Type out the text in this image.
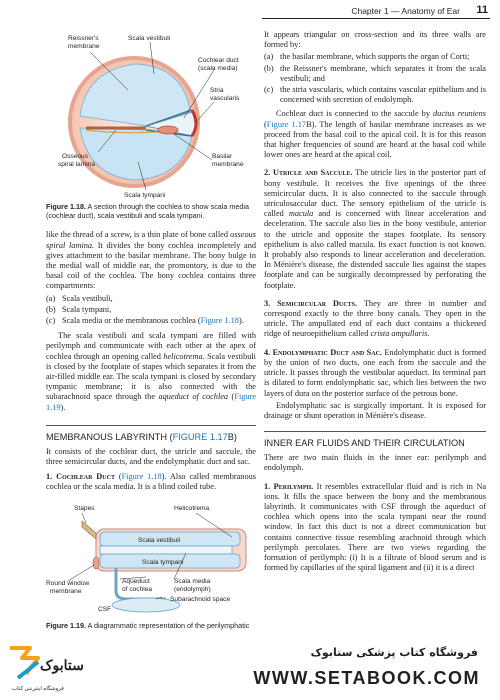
Chapter 1 — Anatomy of Ear 11
Reissner's
membrane
Scala vestibuli
Cochlear duct
(scala media)
Stria
vascularis
Osseous
spiral lamina
Basilar
membrane
Scala tympani
Figure 1.18. A section through the cochlea to show scala media (cochlear duct), scala vestibuli and scala tympani.

like the thread of a screw, is a thin plate of bone called osseous spiral lamina. It divides the bony cochlea incompletely and gives attachment to the basilar membrane. The bony bulge in the medial wall of middle ear, the promontory, is due to the basal coil of the cochlea. The bony cochlea contains three compartments:

(a) Scala vestibuli,
(b) Scala tympani,
(c) Scala media or the membranous cochlea (Figure 1.18).

The scala vestibuli and scala tympani are filled with perilymph and communicate with each other at the apex of cochlea through an opening called helicotrema. Scala vestibuli is closed by the footplate of stapes which separates it from the air-filled middle ear. The scala tympani is closed by secondary tympanic membrane; it is also connected with the subarachnoid space through the aqueduct of cochlea (Figure 1.19).

MEMBRANOUS LABYRINTH (FIGURE 1.17B)

It consists of the cochlear duct, the utricle and saccule, the three semicircular ducts, and the endolymphatic duct and sac.

1. Cochlear Duct (Figure 1.18). Also called membranous cochlea or the scala media. It is a blind coiled tube.

Stapes	Helicotrema
Scala vestibuli
Scala tympani
Round window
membrane
Aqueduct
of cochlea
Scala media
(endolymph)
Subarachnoid space
CSF
Figure 1.19. A diagrammatic representation of the perilymphatic

It appears triangular on cross-section and its three walls are formed by:

(a) the basilar membrane, which supports the organ of Corti;
(b) the Reissner's membrane, which separates it from the scala vestibuli; and
(c) the stria vascularis, which contains vascular epithelium and is concerned with secretion of endolymph.

Cochlear duct is connected to the saccule by ductus reuniens (Figure 1.17B). The length of basilar membrane increases as we proceed from the basal coil to the apical coil. It is for this reason that higher frequencies of sound are heard at the basal coil while lower ones are heard at the apical coil.

2. Utricle and Saccule. The utricle lies in the posterior part of bony vestibule. It receives the five openings of the three semicircular ducts. It is also connected to the saccule through utriculosaccular duct. The sensory epithelium of the utricle is called macula and is concerned with linear acceleration and deceleration. The saccule also lies in the bony vestibule, anterior to the utricle and opposite the stapes footplate. Its sensory epithelium is also called macula. Its exact function is not known. It probably also responds to linear acceleration and deceleration. In Ménière's disease, the distended saccule lies against the stapes footplate and can be surgically decompressed by perforating the footplate.

3. Semicircular Ducts. They are three in number and correspond exactly to the three bony canals. They open in the utricle. The ampullated end of each duct contains a thickened ridge of neuroepithelium called crista ampullaris.

4. Endolymphatic Duct and Sac. Endolymphatic duct is formed by the union of two ducts, one each from the saccule and the utricle. It passes through the vestibular aqueduct. Its terminal part is dilated to form endolymphatic sac, which lies between the two layers of dura on the posterior surface of the petrous bone.

Endolymphatic sac is surgically important. It is exposed for drainage or shunt operation in Ménière's disease.

INNER EAR FLUIDS AND THEIR CIRCULATION

There are two main fluids in the inner ear: perilymph and endolymph.

1. Perilymph. It resembles extracellular fluid and is rich in Na ions. It fills the space between the bony and the membranous labyrinth. It communicates with CSF through the aqueduct of cochlea which opens into the scala tympani near the round window. In fact this duct is not a direct communication but contains connective tissue resembling arachnoid through which perilymph percolates. There are two views regarding the formation of perilymph: (i) It is a filtrate of blood serum and is formed by capillaries of the spiral ligament and (ii) it is a direct

ستابوک
فروشگاه اینترنتی کتاب
فروشگاه کتاب پزشکی ستابوک
WWW.SETABOOK.COM
